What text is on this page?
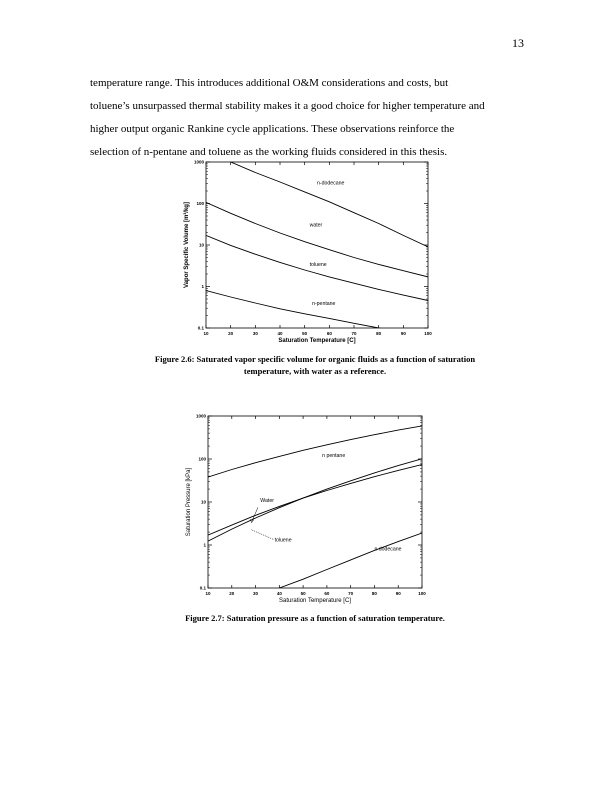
13

temperature range. This introduces additional O&M considerations and costs, but

toluene’s unsurpassed thermal stability makes it a good choice for higher temperature and

higher output organic Rankine cycle applications. These observations reinforce the

selection of n-pentane and toluene as the working fluids considered in this thesis.

10	20	30	40	50	60	70	80	90	100
0.1
1
10
100
1000
n-dodecane
water
toluene
n-pentane
Saturation Temperature [C]
Vapor Specific Volume [m³/kg]
Figure 2.6: Saturated vapor specific volume for organic fluids as a function of saturation
temperature, with water as a reference.
10	20	30	40	50	60	70	80	90	100
0.1
1
10
100
1000
n pentane
Water
toluene
n dodecane
Saturation Temperature [C]
Saturation Pressure [kPa]
Figure 2.7: Saturation pressure as a function of saturation temperature.
